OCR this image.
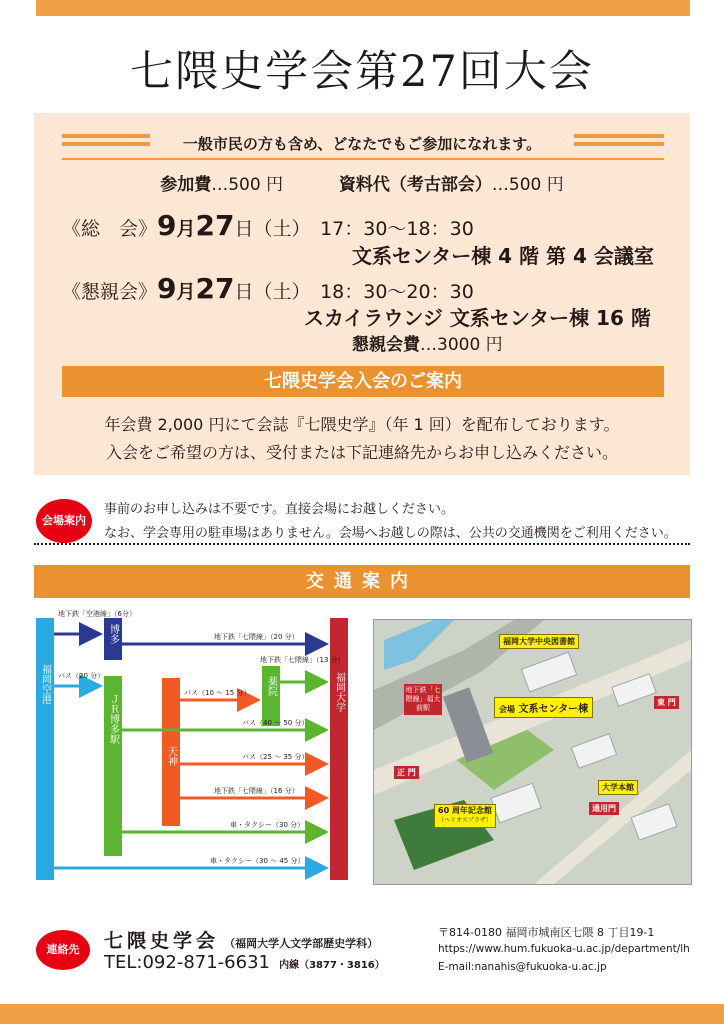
七隈史学会第27回大会
一般市民の方も含め、どなたでもご参加になれます。
参加費…500 円	資料代（考古部会）…500 円
《総　会》9月27日（土） 17：30〜18：30
文系センター棟 4 階 第 4 会議室
《懇親会》9月27日（土） 18：30〜20：30
スカイラウンジ 文系センター棟 16 階
懇親会費…3000 円
七隈史学会入会のご案内
年会費 2,000 円にて会誌『七隈史学』（年 1 回）を配布しております。
入会をご希望の方は、受付または下記連絡先からお申し込みください。
会場案内
事前のお申し込みは不要です。直接会場にお越しください。
なお、学会専用の駐車場はありません。会場へお越しの際は、公共の交通機関をご利用ください。
交通案内
福岡空港
博多
ＪＲ博多駅
天神
薬院	福岡大学
地下鉄「空港線」（6分）
バス（20 分）
地下鉄「七隈線」（20 分）
地下鉄「七隈線」（13 分）
バス（10 〜 15 分）
バス（40 〜 50 分）
バス（25 〜 35 分）
地下鉄「七隈線」（16 分）
車・タクシー（30 分）
車・タクシー（30 〜 45 分）
福岡大学中央図書館
会場 文系センター棟
地下鉄「七隈線」福大前駅
東 門
正 門
大学本館
通用門
60 周年記念館
（ヘリオスプラザ）
連絡先	七隈史学会 （福岡大学人文学部歴史学科）
TEL:092-871-6631 内線（3877・3816）
〒814-0180 福岡市城南区七隈 8 丁目19-1
https://www.hum.fukuoka-u.ac.jp/department/lh
E-mail:nanahis@fukuoka-u.ac.jp
